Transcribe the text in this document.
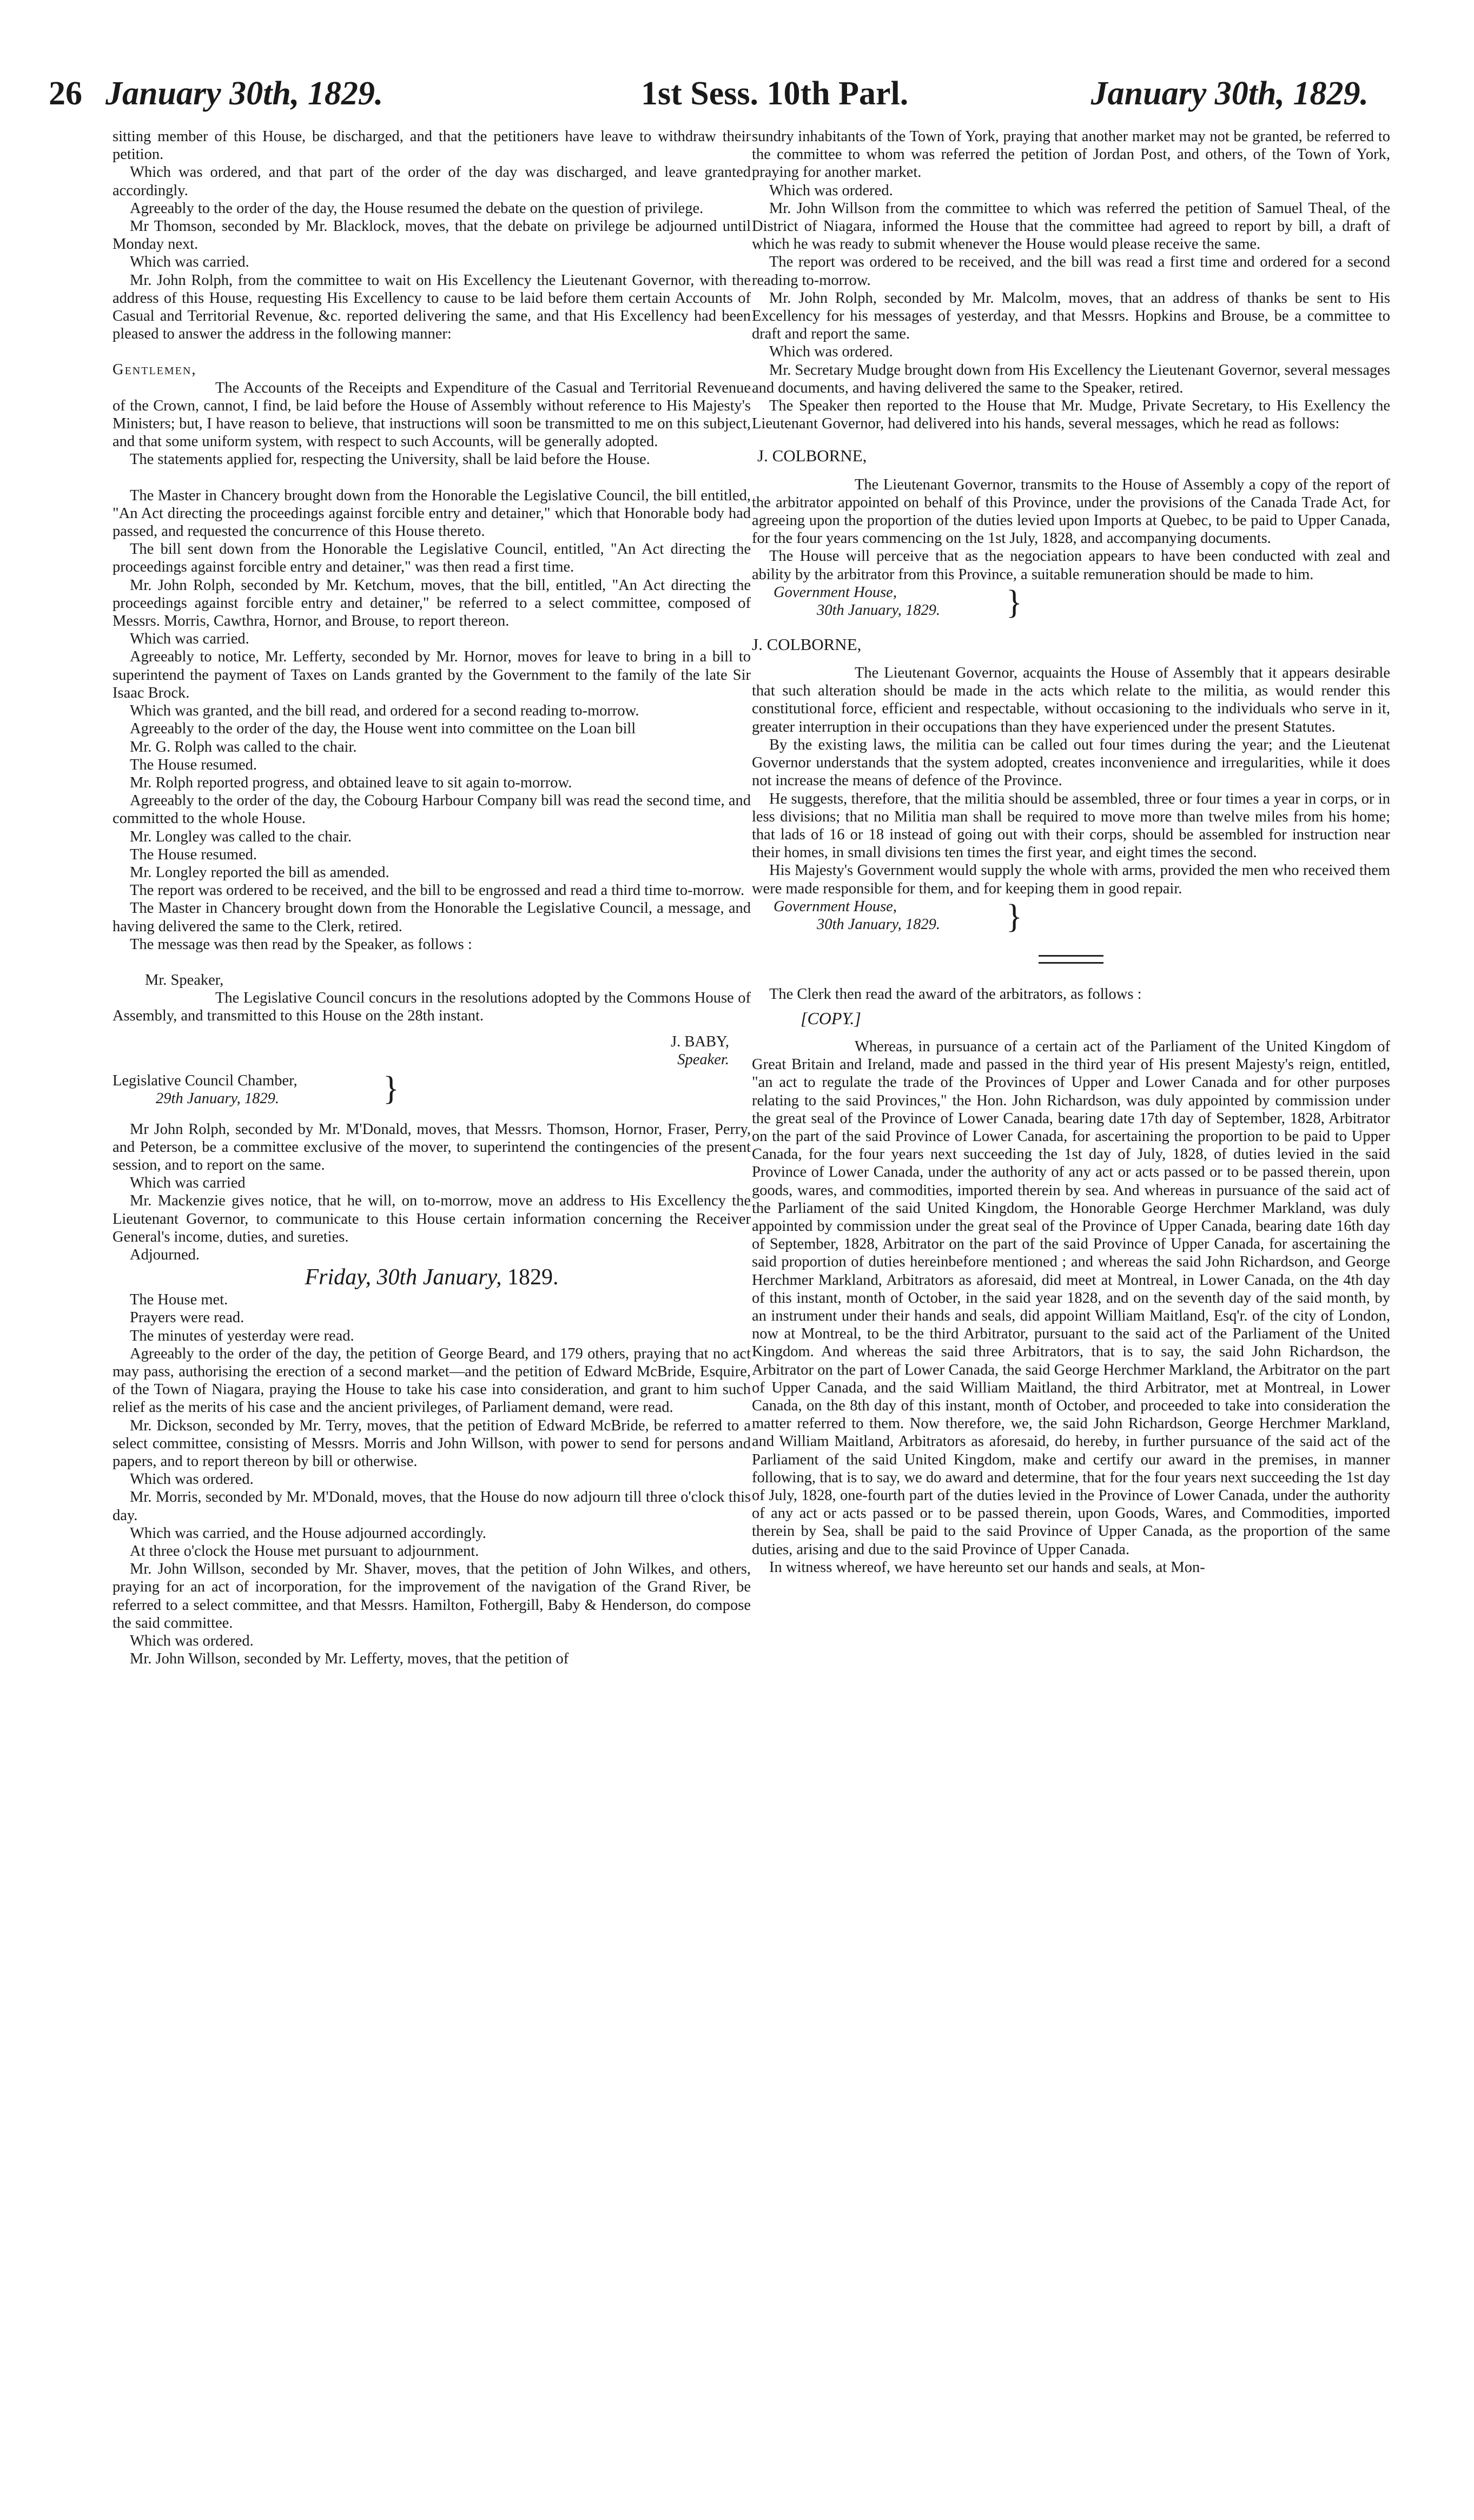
26 January 30th, 1829.	1st Sess. 10th Parl.	January 30th, 1829.

sitting member of this House, be discharged, and that the petitioners have leave to withdraw their petition.

Which was ordered, and that part of the order of the day was discharged, and leave granted accordingly.

Agreeably to the order of the day, the House resumed the debate on the question of privilege.

Mr Thomson, seconded by Mr. Blacklock, moves, that the debate on privilege be adjourned until Monday next.

Which was carried.

Mr. John Rolph, from the committee to wait on His Excellency the Lieutenant Governor, with the address of this House, requesting His Excellency to cause to be laid before them certain Accounts of Casual and Territorial Revenue, &c. reported delivering the same, and that His Excellency had been pleased to answer the address in the following manner:

Gentlemen,

The Accounts of the Receipts and Expenditure of the Casual and Territorial Revenue of the Crown, cannot, I find, be laid before the House of Assembly without reference to His Majesty's Ministers; but, I have reason to believe, that instructions will soon be transmitted to me on this subject, and that some uniform system, with respect to such Accounts, will be generally adopted.

The statements applied for, respecting the University, shall be laid before the House.

The Master in Chancery brought down from the Honorable the Legislative Council, the bill entitled, "An Act directing the proceedings against forcible entry and detainer," which that Honorable body had passed, and requested the concurrence of this House thereto.

The bill sent down from the Honorable the Legislative Council, entitled, "An Act directing the proceedings against forcible entry and detainer," was then read a first time.

Mr. John Rolph, seconded by Mr. Ketchum, moves, that the bill, entitled, "An Act directing the proceedings against forcible entry and detainer," be referred to a select committee, composed of Messrs. Morris, Cawthra, Hornor, and Brouse, to report thereon.

Which was carried.

Agreeably to notice, Mr. Lefferty, seconded by Mr. Hornor, moves for leave to bring in a bill to superintend the payment of Taxes on Lands granted by the Government to the family of the late Sir Isaac Brock.

Which was granted, and the bill read, and ordered for a second reading to-morrow.

Agreeably to the order of the day, the House went into committee on the Loan bill

Mr. G. Rolph was called to the chair.

The House resumed.

Mr. Rolph reported progress, and obtained leave to sit again to-morrow.

Agreeably to the order of the day, the Cobourg Harbour Company bill was read the second time, and committed to the whole House.

Mr. Longley was called to the chair.

The House resumed.

Mr. Longley reported the bill as amended.

The report was ordered to be received, and the bill to be engrossed and read a third time to-morrow.

The Master in Chancery brought down from the Honorable the Legislative Council, a message, and having delivered the same to the Clerk, retired.

The message was then read by the Speaker, as follows :

Mr. Speaker,

The Legislative Council concurs in the resolutions adopted by the Commons House of Assembly, and transmitted to this House on the 28th instant.

J. BABY,
Speaker.
Legislative Council Chamber,
29th January, 1829.	}

Mr John Rolph, seconded by Mr. M'Donald, moves, that Messrs. Thomson, Hornor, Fraser, Perry, and Peterson, be a committee exclusive of the mover, to superintend the contingencies of the present session, and to report on the same.

Which was carried

Mr. Mackenzie gives notice, that he will, on to-morrow, move an address to His Excellency the Lieutenant Governor, to communicate to this House certain information concerning the Receiver General's income, duties, and sureties.

Adjourned.

Friday, 30th January, 1829.

The House met.

Prayers were read.

The minutes of yesterday were read.

Agreeably to the order of the day, the petition of George Beard, and 179 others, praying that no act may pass, authorising the erection of a second market—and the petition of Edward McBride, Esquire, of the Town of Niagara, praying the House to take his case into consideration, and grant to him such relief as the merits of his case and the ancient privileges, of Parliament demand, were read.

Mr. Dickson, seconded by Mr. Terry, moves, that the petition of Edward McBride, be referred to a select committee, consisting of Messrs. Morris and John Willson, with power to send for persons and papers, and to report thereon by bill or otherwise.

Which was ordered.

Mr. Morris, seconded by Mr. M'Donald, moves, that the House do now adjourn till three o'clock this day.

Which was carried, and the House adjourned accordingly.

At three o'clock the House met pursuant to adjournment.

Mr. John Willson, seconded by Mr. Shaver, moves, that the petition of John Wilkes, and others, praying for an act of incorporation, for the improvement of the navigation of the Grand River, be referred to a select committee, and that Messrs. Hamilton, Fothergill, Baby & Henderson, do compose the said committee.

Which was ordered.

Mr. John Willson, seconded by Mr. Lefferty, moves, that the petition of

sundry inhabitants of the Town of York, praying that another market may not be granted, be referred to the committee to whom was referred the petition of Jordan Post, and others, of the Town of York, praying for another market.

Which was ordered.

Mr. John Willson from the committee to which was referred the petition of Samuel Theal, of the District of Niagara, informed the House that the committee had agreed to report by bill, a draft of which he was ready to submit whenever the House would please receive the same.

The report was ordered to be received, and the bill was read a first time and ordered for a second reading to-morrow.

Mr. John Rolph, seconded by Mr. Malcolm, moves, that an address of thanks be sent to His Excellency for his messages of yesterday, and that Messrs. Hopkins and Brouse, be a committee to draft and report the same.

Which was ordered.

Mr. Secretary Mudge brought down from His Excellency the Lieutenant Governor, several messages and documents, and having delivered the same to the Speaker, retired.

The Speaker then reported to the House that Mr. Mudge, Private Secretary, to His Exellency the Lieutenant Governor, had delivered into his hands, several messages, which he read as follows:

J. COLBORNE,

The Lieutenant Governor, transmits to the House of Assembly a copy of the report of the arbitrator appointed on behalf of this Province, under the provisions of the Canada Trade Act, for agreeing upon the proportion of the duties levied upon Imports at Quebec, to be paid to Upper Canada, for the four years commencing on the 1st July, 1828, and accompanying documents.

The House will perceive that as the negociation appears to have been conducted with zeal and ability by the arbitrator from this Province, a suitable remuneration should be made to him.

Government House,
30th January, 1829. }

J. COLBORNE,

The Lieutenant Governor, acquaints the House of Assembly that it appears desirable that such alteration should be made in the acts which relate to the militia, as would render this constitutional force, efficient and respectable, without occasioning to the individuals who serve in it, greater interruption in their occupations than they have experienced under the present Statutes.

By the existing laws, the militia can be called out four times during the year; and the Lieutenat Governor understands that the system adopted, creates inconvenience and irregularities, while it does not increase the means of defence of the Province.

He suggests, therefore, that the militia should be assembled, three or four times a year in corps, or in less divisions; that no Militia man shall be required to move more than twelve miles from his home; that lads of 16 or 18 instead of going out with their corps, should be assembled for instruction near their homes, in small divisions ten times the first year, and eight times the second.

His Majesty's Government would supply the whole with arms, provided the men who received them were made responsible for them, and for keeping them in good repair.

Government House,
30th January, 1829. }

The Clerk then read the award of the arbitrators, as follows :

[COPY.]

Whereas, in pursuance of a certain act of the Parliament of the United Kingdom of Great Britain and Ireland, made and passed in the third year of His present Majesty's reign, entitled, "an act to regulate the trade of the Provinces of Upper and Lower Canada and for other purposes relating to the said Provinces," the Hon. John Richardson, was duly appointed by commission under the great seal of the Province of Lower Canada, bearing date 17th day of September, 1828, Arbitrator on the part of the said Province of Lower Canada, for ascertaining the proportion to be paid to Upper Canada, for the four years next succeeding the 1st day of July, 1828, of duties levied in the said Province of Lower Canada, under the authority of any act or acts passed or to be passed therein, upon goods, wares, and commodities, imported therein by sea. And whereas in pursuance of the said act of the Parliament of the said United Kingdom, the Honorable George Herchmer Markland, was duly appointed by commission under the great seal of the Province of Upper Canada, bearing date 16th day of September, 1828, Arbitrator on the part of the said Province of Upper Canada, for ascertaining the said proportion of duties hereinbefore mentioned ; and whereas the said John Richardson, and George Herchmer Markland, Arbitrators as aforesaid, did meet at Montreal, in Lower Canada, on the 4th day of this instant, month of October, in the said year 1828, and on the seventh day of the said month, by an instrument under their hands and seals, did appoint William Maitland, Esq'r. of the city of London, now at Montreal, to be the third Arbitrator, pursuant to the said act of the Parliament of the United Kingdom. And whereas the said three Arbitrators, that is to say, the said John Richardson, the Arbitrator on the part of Lower Canada, the said George Herchmer Markland, the Arbitrator on the part of Upper Canada, and the said William Maitland, the third Arbitrator, met at Montreal, in Lower Canada, on the 8th day of this instant, month of October, and proceeded to take into consideration the matter referred to them. Now therefore, we, the said John Richardson, George Herchmer Markland, and William Maitland, Arbitrators as aforesaid, do hereby, in further pursuance of the said act of the Parliament of the said United Kingdom, make and certify our award in the premises, in manner following, that is to say, we do award and determine, that for the four years next succeeding the 1st day of July, 1828, one-fourth part of the duties levied in the Province of Lower Canada, under the authority of any act or acts passed or to be passed therein, upon Goods, Wares, and Commodities, imported therein by Sea, shall be paid to the said Province of Upper Canada, as the proportion of the same duties, arising and due to the said Province of Upper Canada.

In witness whereof, we have hereunto set our hands and seals, at Mon-
